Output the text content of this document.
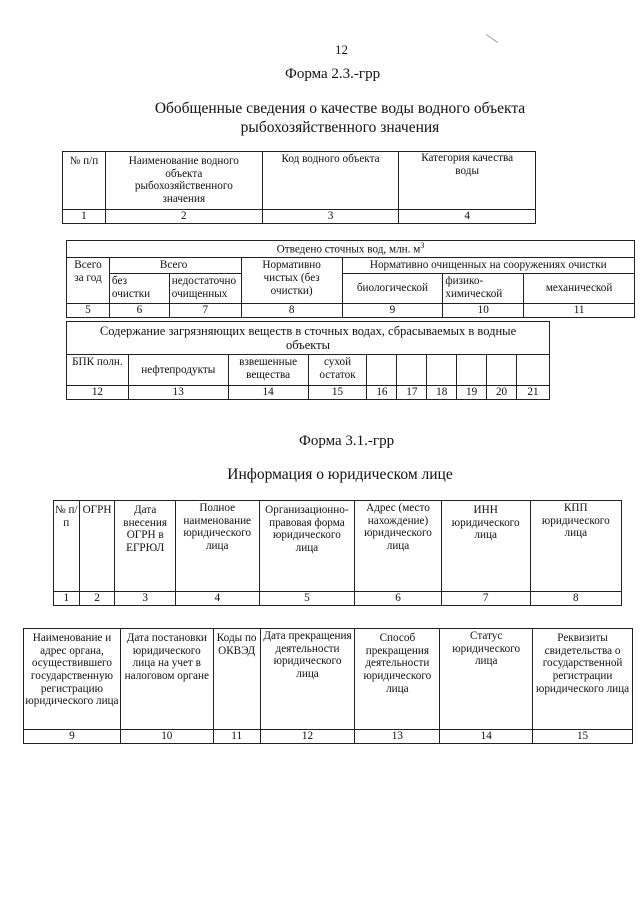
12
Форма 2.3.-грр
Обобщенные сведения о качестве воды водного объекта
рыбохозяйственного значения
№ п/п	Наименование водного объекта рыбохозяйственного значения	Код водного объекта	Категория качества воды
1	2	3	4
Отведено сточных вод, млн. $м^3$
Всего за год	Всего		Нормативно чистых (без очистки)	Нормативно очищенных на сооружениях очистки		
	без очистки	недостаточно очищенных		биологической	физико-химической	механической
5	6	7	8	9	10	11
Содержание загрязняющих веществ в сточных водах, сбрасываемых в водные объекты									
БПК полн.	нефтепродукты	взвешенные вещества	сухой остаток						
12	13	14	15	16	17	18	19	20	21
Форма 3.1.-грр
Информация о юридическом лице
№ п/п	ОГРН	Дата внесения ОГРН в ЕГРЮЛ	Полное наименование юридического лица	Организационно-правовая форма юридического лица	Адрес (место нахождение) юридического лица	ИНН юридического лица	КПП юридического лица
1	2	3	4	5	6	7	8
Наименование и адрес органа, осуществившего государственную регистрацию юридического лица	Дата постановки юридического лица на учет в налоговом органе	Коды по ОКВЭД	Дата прекращения деятельности юридического лица	Способ прекращения деятельности юридического лица	Статус юридического лица	Реквизиты свидетельства о государственной регистрации юридического лица
9	10	11	12	13	14	15
